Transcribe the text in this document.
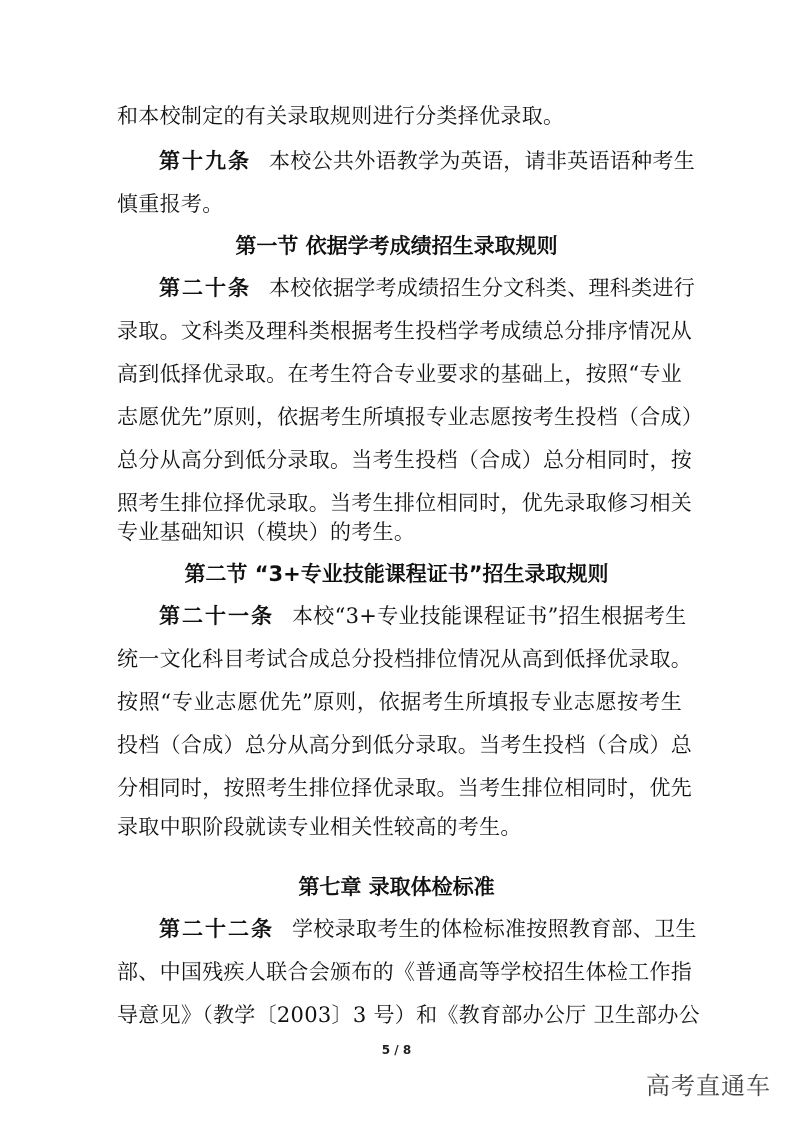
和本校制定的有关录取规则进行分类择优录取。
第十九条 本校公共外语教学为英语，请非英语语种考生
慎重报考。
第一节 依据学考成绩招生录取规则
第二十条 本校依据学考成绩招生分文科类、理科类进行
录取。文科类及理科类根据考生投档学考成绩总分排序情况从
高到低择优录取。在考生符合专业要求的基础上，按照“专业
志愿优先”原则，依据考生所填报专业志愿按考生投档（合成）
总分从高分到低分录取。当考生投档（合成）总分相同时，按
照考生排位择优录取。当考生排位相同时，优先录取修习相关
专业基础知识（模块）的考生。
第二节 “3+专业技能课程证书”招生录取规则
第二十一条 本校“3+专业技能课程证书”招生根据考生
统一文化科目考试合成总分投档排位情况从高到低择优录取。
按照“专业志愿优先”原则，依据考生所填报专业志愿按考生
投档（合成）总分从高分到低分录取。当考生投档（合成）总
分相同时，按照考生排位择优录取。当考生排位相同时，优先
录取中职阶段就读专业相关性较高的考生。
第七章 录取体检标准
第二十二条 学校录取考生的体检标准按照教育部、卫生
部、中国残疾人联合会颁布的《普通高等学校招生体检工作指
导意见》（教学〔2003〕3 号）和《教育部办公厅 卫生部办公
5 / 8
高考直通车
